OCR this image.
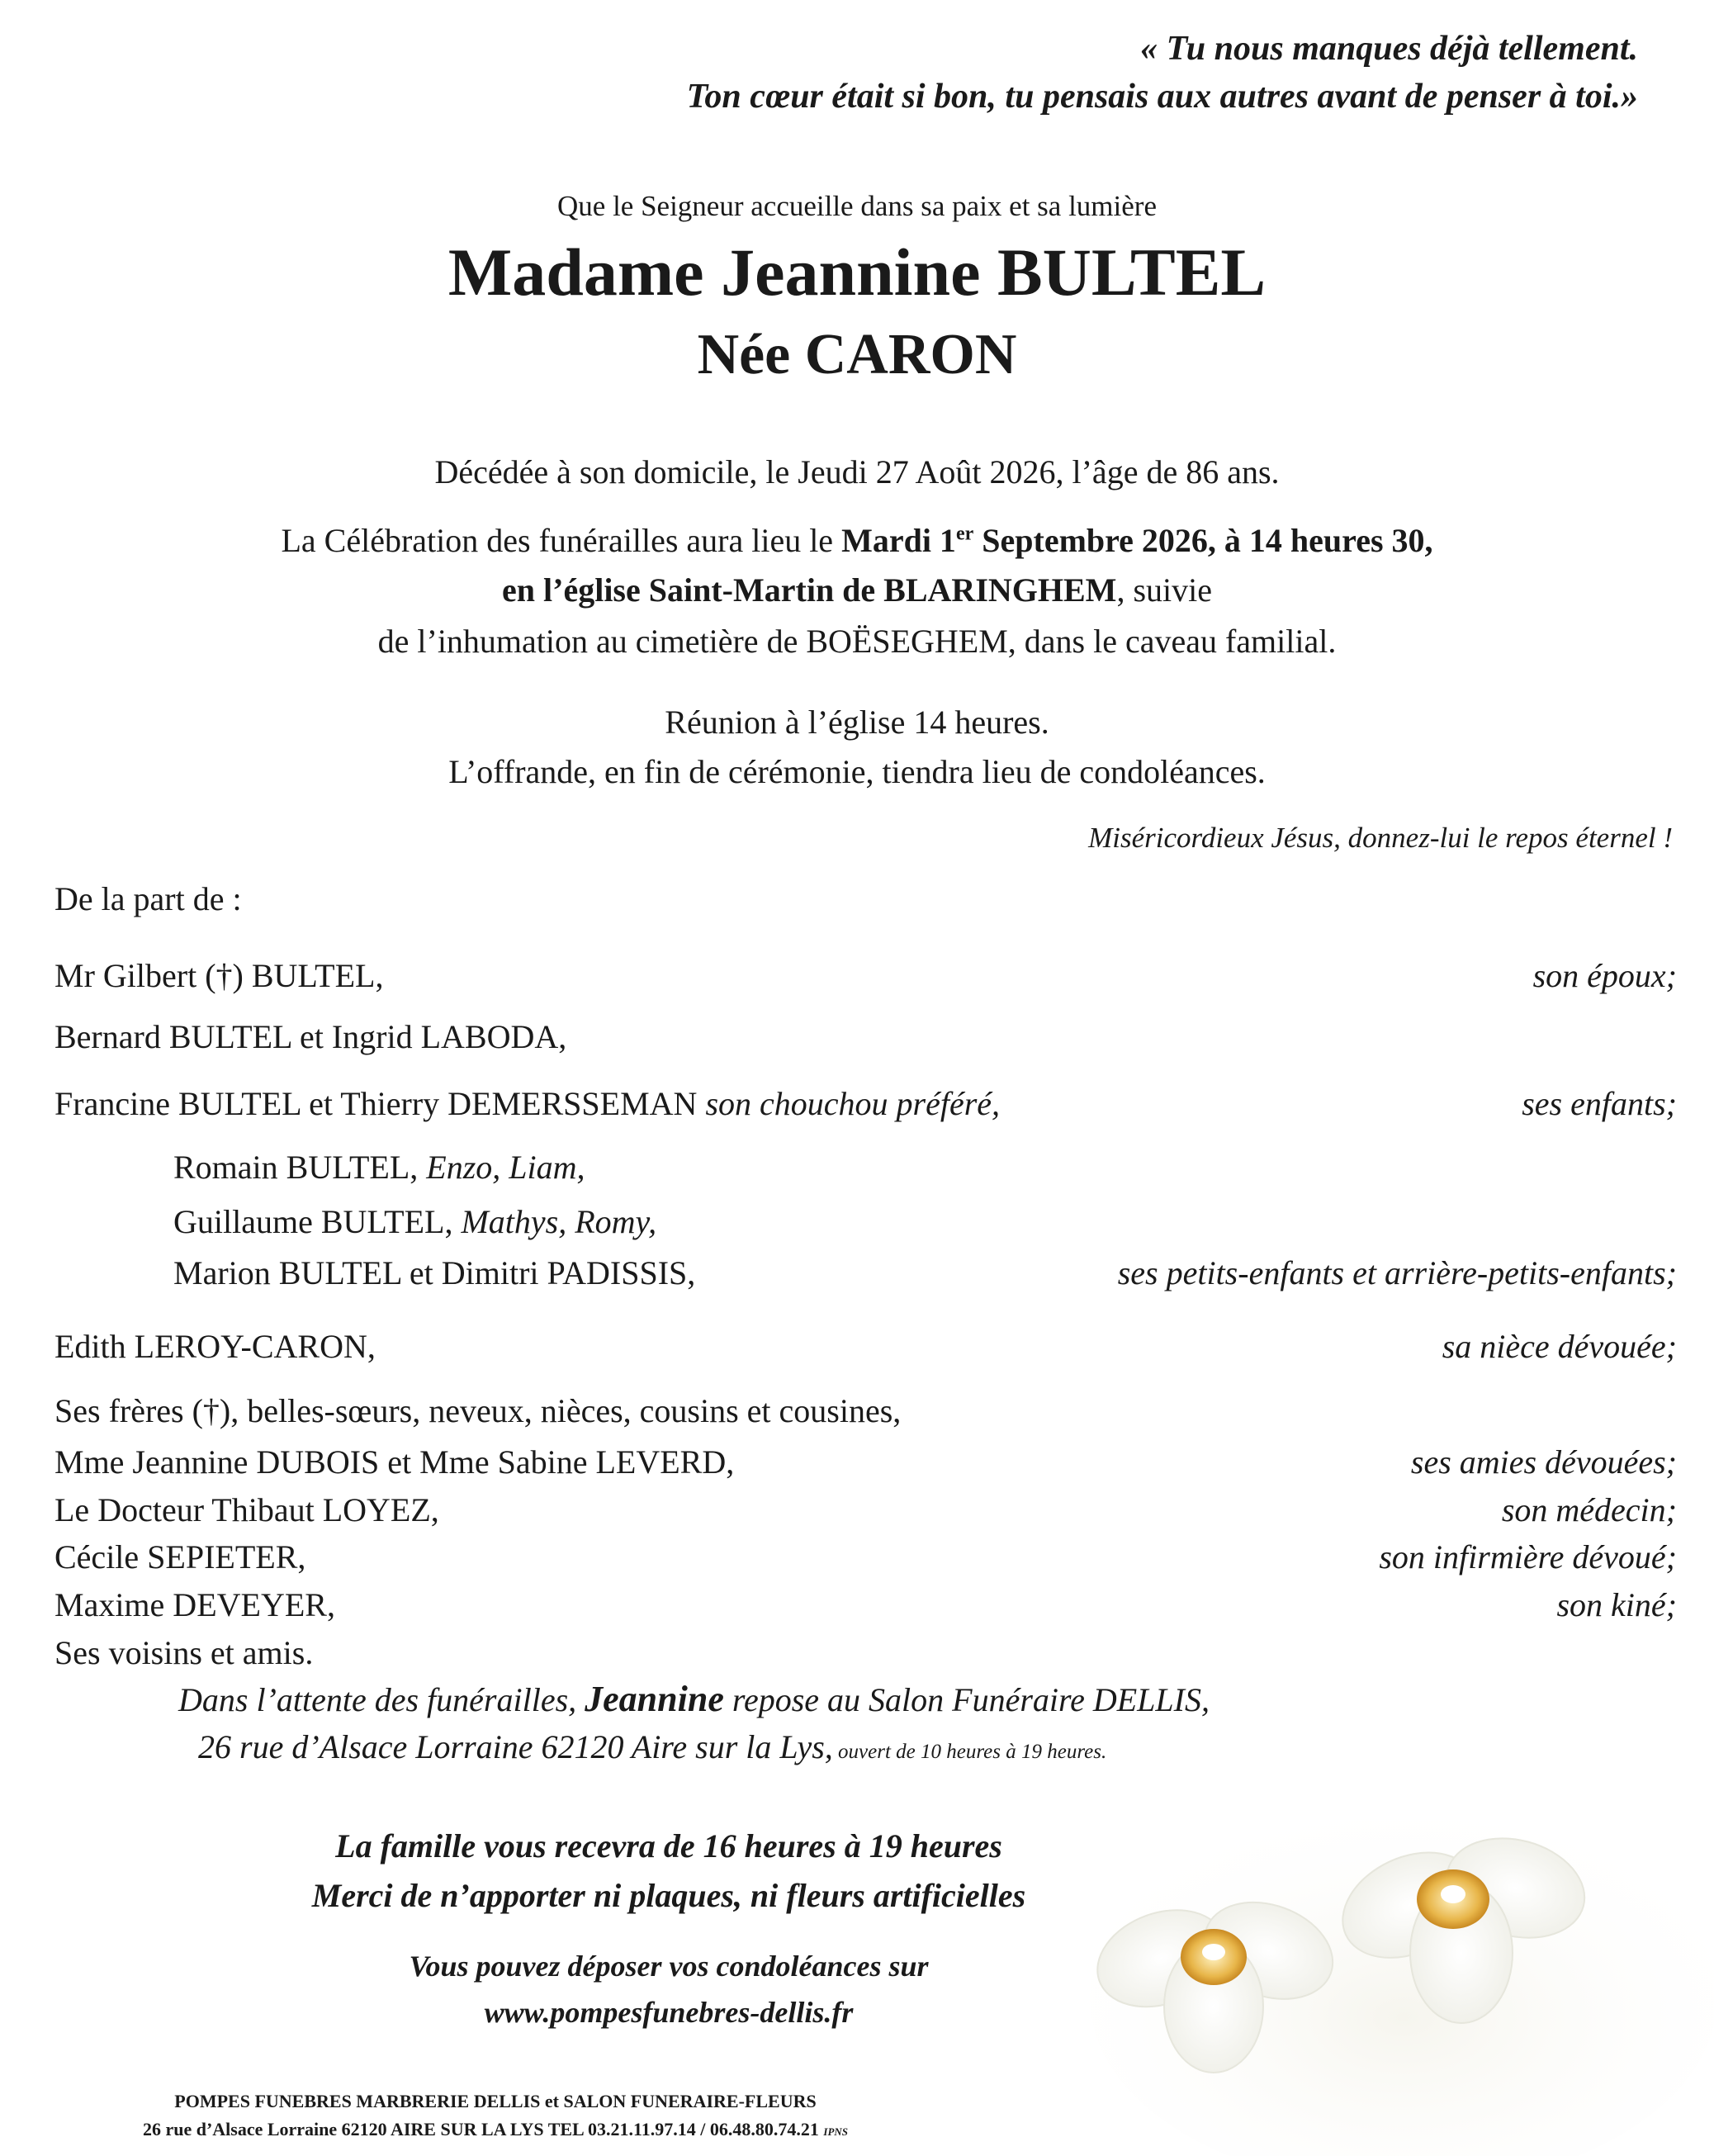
« Tu nous manques déjà tellement.
Ton cœur était si bon, tu pensais aux autres avant de penser à toi.»
Que le Seigneur accueille dans sa paix et sa lumière
Madame Jeannine BULTEL
Née CARON
Décédée à son domicile, le Jeudi 27 Août 2026, l’âge de 86 ans.
La Célébration des funérailles aura lieu le Mardi 1er Septembre 2026, à 14 heures 30,
en l’église Saint-Martin de BLARINGHEM, suivie
de l’inhumation au cimetière de BOËSEGHEM, dans le caveau familial.
Réunion à l’église 14 heures.
L’offrande, en fin de cérémonie, tiendra lieu de condoléances.
Miséricordieux Jésus, donnez-lui le repos éternel !
De la part de :
Mr Gilbert (†) BULTEL,	son époux;
Bernard BULTEL et Ingrid LABODA,
Francine BULTEL et Thierry DEMERSSEMAN son chouchou préféré,	ses enfants;
Romain BULTEL, Enzo, Liam,
Guillaume BULTEL, Mathys, Romy,
Marion BULTEL et Dimitri PADISSIS,	ses petits-enfants et arrière-petits-enfants;
Edith LEROY-CARON,	sa nièce dévouée;
Ses frères (†), belles-sœurs, neveux, nièces, cousins et cousines,
Mme Jeannine DUBOIS et Mme Sabine LEVERD,	ses amies dévouées;
Le Docteur Thibaut LOYEZ,	son médecin;
Cécile SEPIETER,	son infirmière dévoué;
Maxime DEVEYER,	son kiné;
Ses voisins et amis.
Dans l’attente des funérailles, Jeannine repose au Salon Funéraire DELLIS,
26 rue d’Alsace Lorraine 62120 Aire sur la Lys, ouvert de 10 heures à 19 heures.
La famille vous recevra de 16 heures à 19 heures
Merci de n’apporter ni plaques, ni fleurs artificielles
Vous pouvez déposer vos condoléances sur
www.pompesfunebres-dellis.fr
POMPES FUNEBRES MARBRERIE DELLIS et SALON FUNERAIRE-FLEURS
26 rue d’Alsace Lorraine 62120 AIRE SUR LA LYS TEL 03.21.11.97.14 / 06.48.80.74.21 IPNS
